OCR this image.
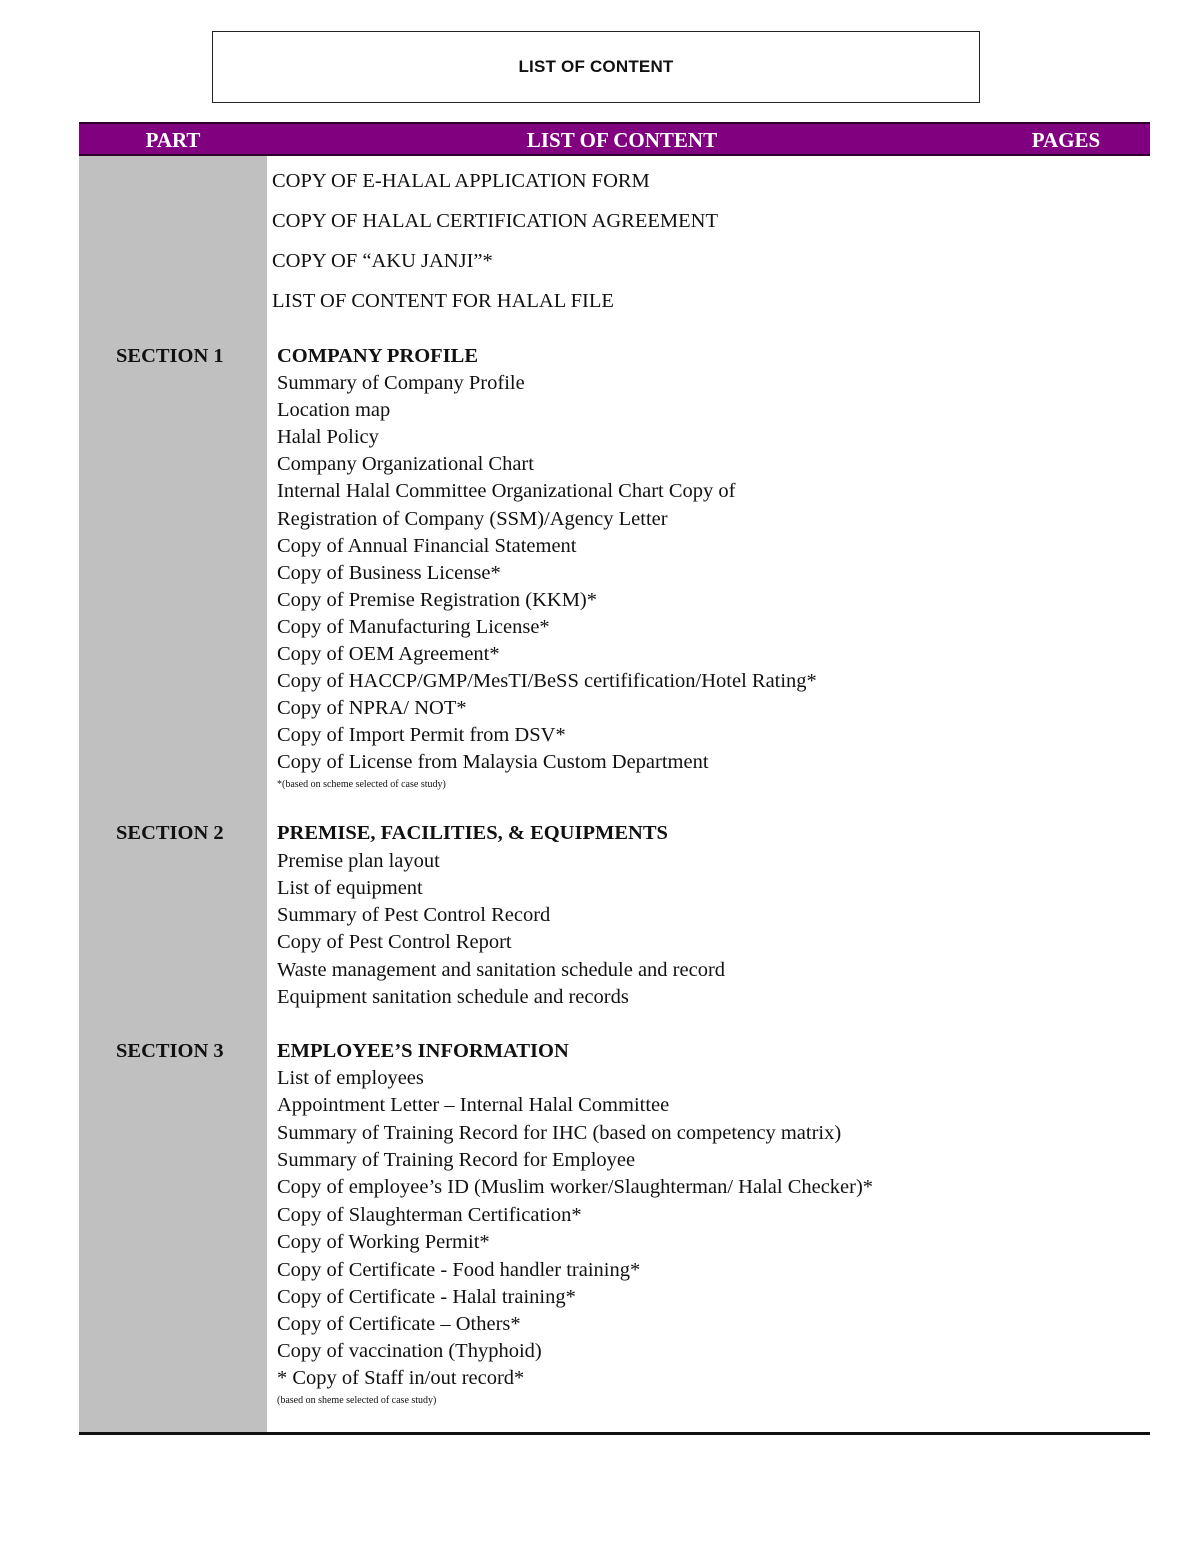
LIST OF CONTENT
PART	LIST OF CONTENT	PAGES
COPY OF E-HALAL APPLICATION FORM
COPY OF HALAL CERTIFICATION AGREEMENT
COPY OF “AKU JANJI”*
LIST OF CONTENT FOR HALAL FILE
SECTION 1	COMPANY PROFILE
Summary of Company Profile
Location map
Halal Policy
Company Organizational Chart
Internal Halal Committee Organizational Chart Copy of
Registration of Company (SSM)/Agency Letter
Copy of Annual Financial Statement
Copy of Business License*
Copy of Premise Registration (KKM)*
Copy of Manufacturing License*
Copy of OEM Agreement*
Copy of HACCP/GMP/MesTI/BeSS certifification/Hotel Rating*
Copy of NPRA/ NOT*
Copy of Import Permit from DSV*
Copy of License from Malaysia Custom Department
*(based on scheme selected of case study)
SECTION 2	PREMISE, FACILITIES, & EQUIPMENTS
Premise plan layout
List of equipment
Summary of Pest Control Record
Copy of Pest Control Report
Waste management and sanitation schedule and record
Equipment sanitation schedule and records
SECTION 3	EMPLOYEE’S INFORMATION
List of employees
Appointment Letter – Internal Halal Committee
Summary of Training Record for IHC (based on competency matrix)
Summary of Training Record for Employee
Copy of employee’s ID (Muslim worker/Slaughterman/ Halal Checker)*
Copy of Slaughterman Certification*
Copy of Working Permit*
Copy of Certificate - Food handler training*
Copy of Certificate - Halal training*
Copy of Certificate – Others*
Copy of vaccination (Thyphoid)
* Copy of Staff in/out record*
(based on sheme selected of case study)
